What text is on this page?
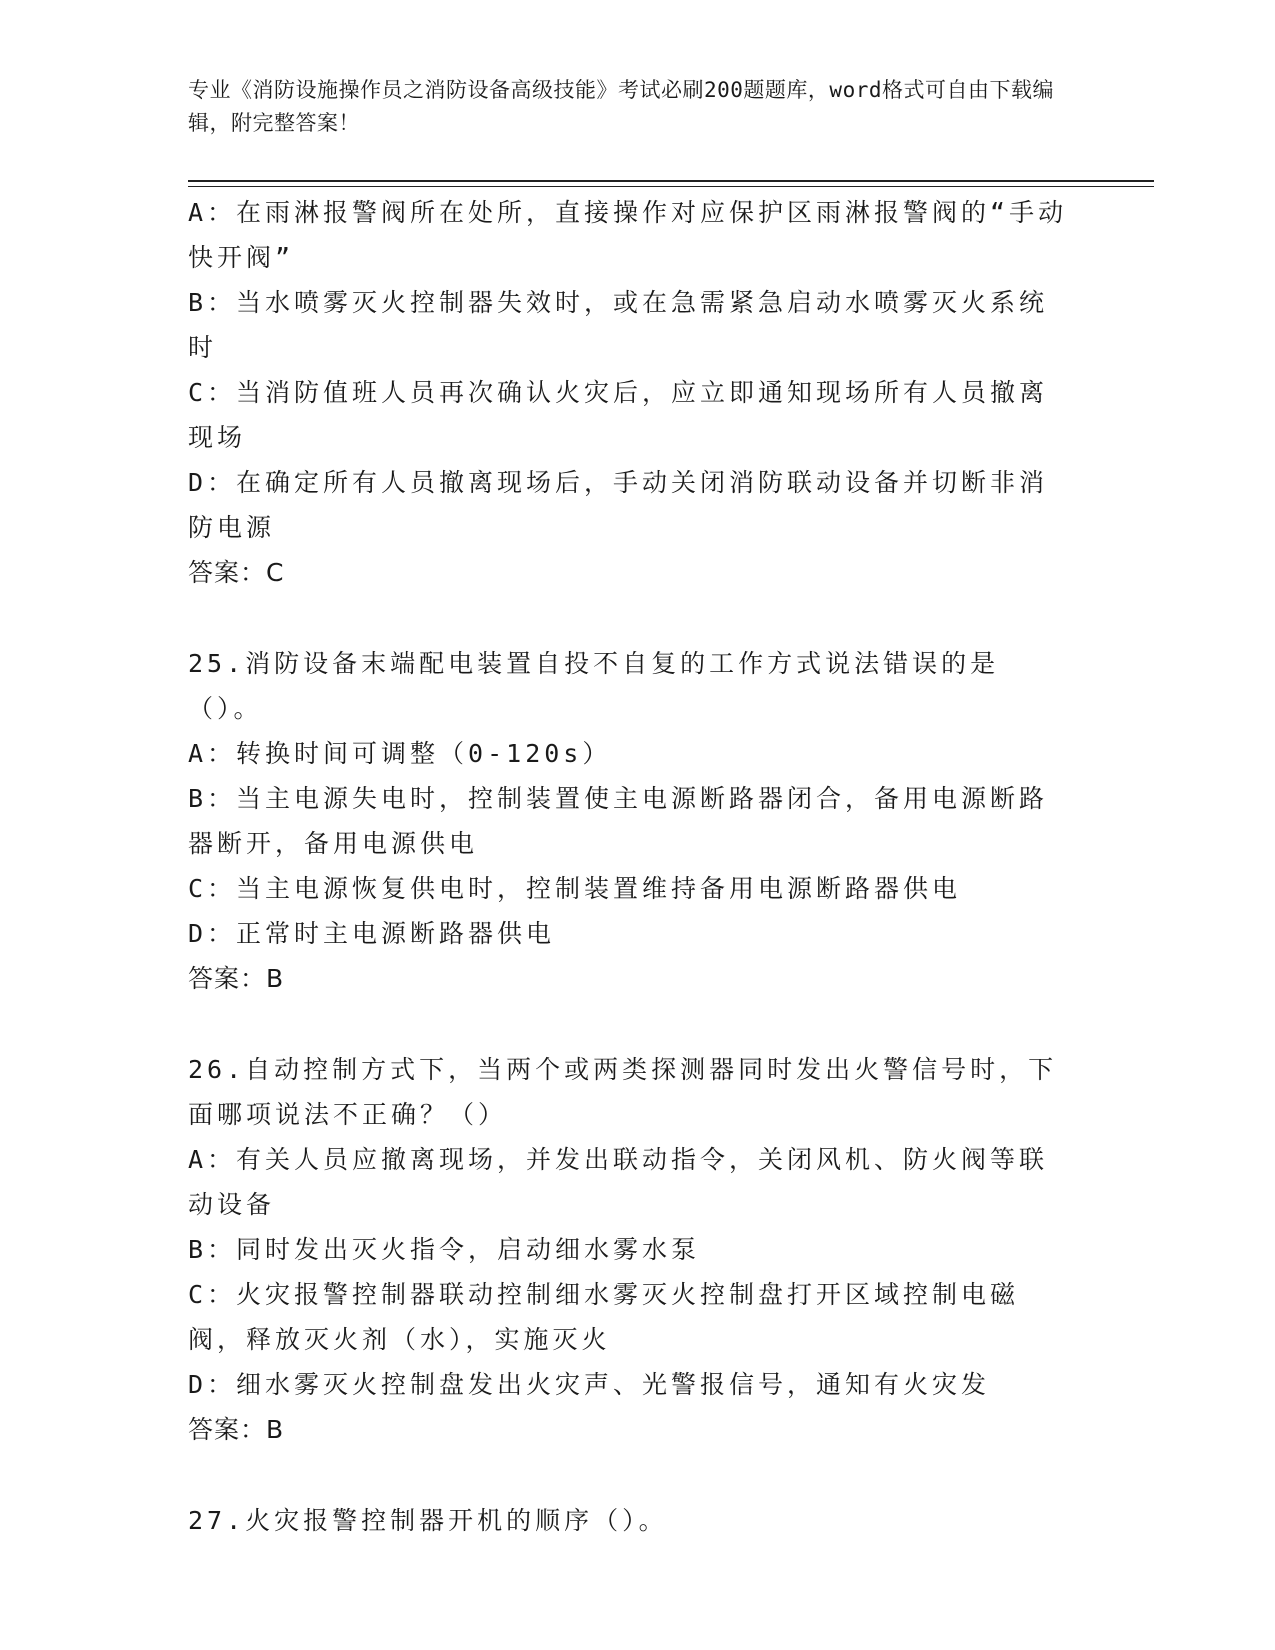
专业《消防设施操作员之消防设备高级技能》考试必刷200题题库，word格式可自由下载编辑，附完整答案！

A：在雨淋报警阀所在处所，直接操作对应保护区雨淋报警阀的“手动快开阀”

B：当水喷雾灭火控制器失效时，或在急需紧急启动水喷雾灭火系统时

C：当消防值班人员再次确认火灾后，应立即通知现场所有人员撤离现场

D：在确定所有人员撤离现场后，手动关闭消防联动设备并切断非消防电源

答案：C

25.消防设备末端配电装置自投不自复的工作方式说法错误的是（）。

A：转换时间可调整（0-120s）

B：当主电源失电时，控制装置使主电源断路器闭合，备用电源断路器断开，备用电源供电

C：当主电源恢复供电时，控制装置维持备用电源断路器供电

D：正常时主电源断路器供电

答案：B

26.自动控制方式下，当两个或两类探测器同时发出火警信号时，下面哪项说法不正确？（）

A：有关人员应撤离现场，并发出联动指令，关闭风机、防火阀等联动设备

B：同时发出灭火指令，启动细水雾水泵

C：火灾报警控制器联动控制细水雾灭火控制盘打开区域控制电磁阀，释放灭火剂（水），实施灭火

D：细水雾灭火控制盘发出火灾声、光警报信号，通知有火灾发

答案：B

27.火灾报警控制器开机的顺序（）。
